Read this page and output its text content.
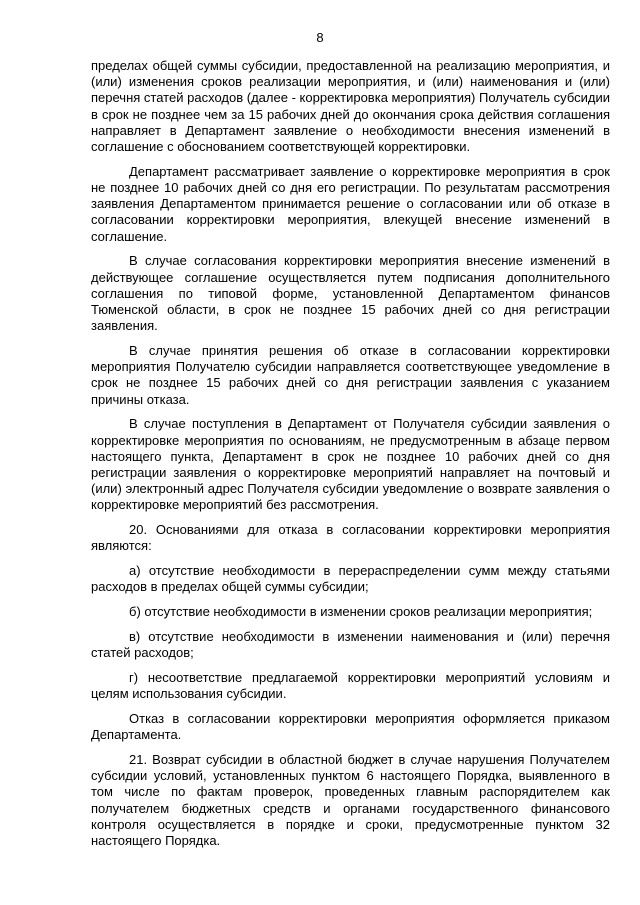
8

пределах общей суммы субсидии, предоставленной на реализацию мероприятия, и (или) изменения сроков реализации мероприятия, и (или) наименования и (или) перечня статей расходов (далее - корректировка мероприятия) Получатель субсидии в срок не позднее чем за 15 рабочих дней до окончания срока действия соглашения направляет в Департамент заявление о необходимости внесения изменений в соглашение с обоснованием соответствующей корректировки.

Департамент рассматривает заявление о корректировке мероприятия в срок не позднее 10 рабочих дней со дня его регистрации. По результатам рассмотрения заявления Департаментом принимается решение о согласовании или об отказе в согласовании корректировки мероприятия, влекущей внесение изменений в соглашение.

В случае согласования корректировки мероприятия внесение изменений в действующее соглашение осуществляется путем подписания дополнительного соглашения по типовой форме, установленной Департаментом финансов Тюменской области, в срок не позднее 15 рабочих дней со дня регистрации заявления.

В случае принятия решения об отказе в согласовании корректировки мероприятия Получателю субсидии направляется соответствующее уведомление в срок не позднее 15 рабочих дней со дня регистрации заявления с указанием причины отказа.

В случае поступления в Департамент от Получателя субсидии заявления о корректировке мероприятия по основаниям, не предусмотренным в абзаце первом настоящего пункта, Департамент в срок не позднее 10 рабочих дней со дня регистрации заявления о корректировке мероприятий направляет на почтовый и (или) электронный адрес Получателя субсидии уведомление о возврате заявления о корректировке мероприятий без рассмотрения.

20. Основаниями для отказа в согласовании корректировки мероприятия являются:

а) отсутствие необходимости в перераспределении сумм между статьями расходов в пределах общей суммы субсидии;

б) отсутствие необходимости в изменении сроков реализации мероприятия;

в) отсутствие необходимости в изменении наименования и (или) перечня статей расходов;

г) несоответствие предлагаемой корректировки мероприятий условиям и целям использования субсидии.

Отказ в согласовании корректировки мероприятия оформляется приказом Департамента.

21. Возврат субсидии в областной бюджет в случае нарушения Получателем субсидии условий, установленных пунктом 6 настоящего Порядка, выявленного в том числе по фактам проверок, проведенных главным распорядителем как получателем бюджетных средств и органами государственного финансового контроля осуществляется в порядке и сроки, предусмотренные пунктом 32 настоящего Порядка.
